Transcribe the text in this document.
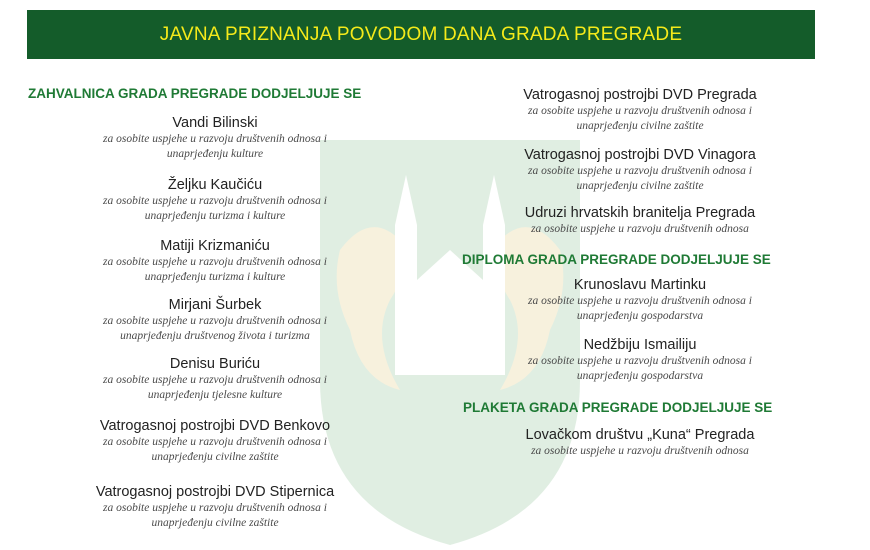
JAVNA PRIZNANJA POVODOM DANA GRADA PREGRADE
ZAHVALNICA GRADA PREGRADE DODJELJUJE SE
Vandi Bilinski
za osobite uspjehe u razvoju društvenih odnosa i
unaprjeđenju kulture
Željku Kaučiću
za osobite uspjehe u razvoju društvenih odnosa i
unaprjeđenju turizma i kulture
Matiji Krizmaniću
za osobite uspjehe u razvoju društvenih odnosa i
unaprjeđenju turizma i kulture
Mirjani Šurbek
za osobite uspjehe u razvoju društvenih odnosa i
unaprjeđenju društvenog života i turizma
Denisu Buriću
za osobite uspjehe u razvoju društvenih odnosa i
unaprjeđenju tjelesne kulture
Vatrogasnoj postrojbi DVD Benkovo
za osobite uspjehe u razvoju društvenih odnosa i
unaprjeđenju civilne zaštite
Vatrogasnoj postrojbi DVD Stipernica
za osobite uspjehe u razvoju društvenih odnosa i
unaprjeđenju civilne zaštite
Vatrogasnoj postrojbi DVD Pregrada
za osobite uspjehe u razvoju društvenih odnosa i
unaprjeđenju civilne zaštite
Vatrogasnoj postrojbi DVD Vinagora
za osobite uspjehe u razvoju društvenih odnosa i
unaprjeđenju civilne zaštite
Udruzi hrvatskih branitelja Pregrada
za osobite uspjehe u razvoju društvenih odnosa
DIPLOMA GRADA PREGRADE DODJELJUJE SE
Krunoslavu Martinku
za osobite uspjehe u razvoju društvenih odnosa i
unaprjeđenju gospodarstva
Nedžbiju Ismailiju
za osobite uspjehe u razvoju društvenih odnosa i
unaprjeđenju gospodarstva
PLAKETA GRADA PREGRADE DODJELJUJE SE
Lovačkom društvu „Kuna“ Pregrada
za osobite uspjehe u razvoju društvenih odnosa
